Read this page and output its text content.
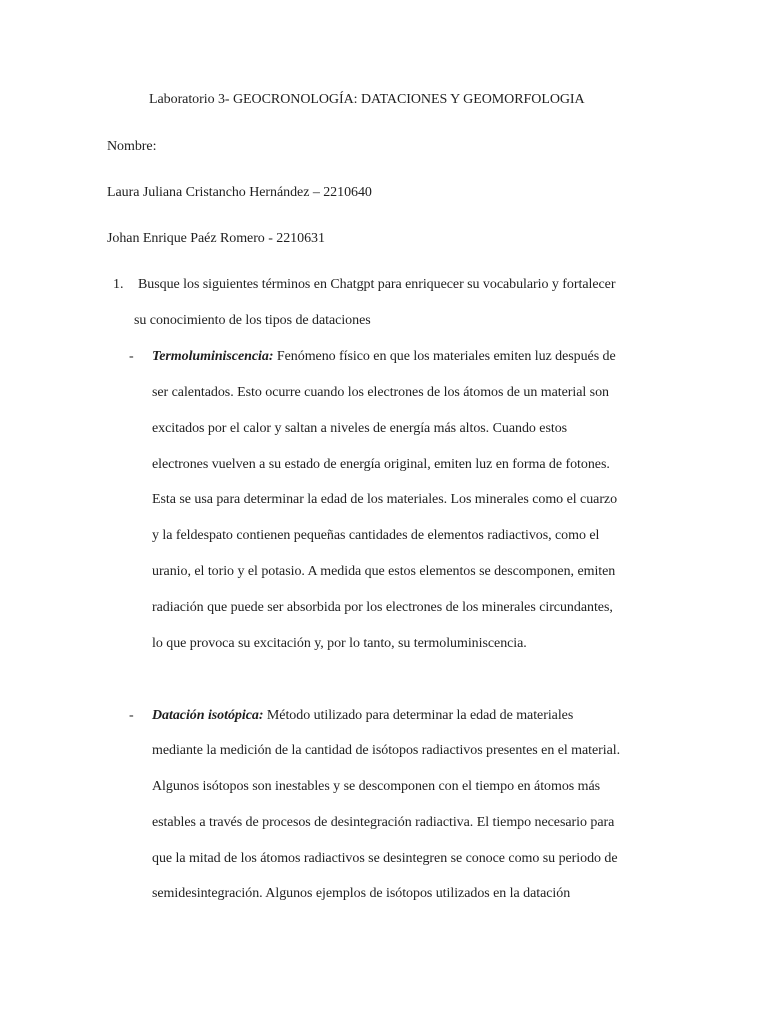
Laboratorio 3- GEOCRONOLOGÍA: DATACIONES Y GEOMORFOLOGIA
Nombre:
Laura Juliana Cristancho Hernández – 2210640
Johan Enrique Paéz Romero - 2210631
1. Busque los siguientes términos en Chatgpt para enriquecer su vocabulario y fortalecer
su conocimiento de los tipos de dataciones
- Termoluminiscencia: Fenómeno físico en que los materiales emiten luz después de
ser calentados. Esto ocurre cuando los electrones de los átomos de un material son
excitados por el calor y saltan a niveles de energía más altos. Cuando estos
electrones vuelven a su estado de energía original, emiten luz en forma de fotones.
Esta se usa para determinar la edad de los materiales. Los minerales como el cuarzo
y la feldespato contienen pequeñas cantidades de elementos radiactivos, como el
uranio, el torio y el potasio. A medida que estos elementos se descomponen, emiten
radiación que puede ser absorbida por los electrones de los minerales circundantes,
lo que provoca su excitación y, por lo tanto, su termoluminiscencia.
- Datación isotópica: Método utilizado para determinar la edad de materiales
mediante la medición de la cantidad de isótopos radiactivos presentes en el material.
Algunos isótopos son inestables y se descomponen con el tiempo en átomos más
estables a través de procesos de desintegración radiactiva. El tiempo necesario para
que la mitad de los átomos radiactivos se desintegren se conoce como su periodo de
semidesintegración. Algunos ejemplos de isótopos utilizados en la datación
